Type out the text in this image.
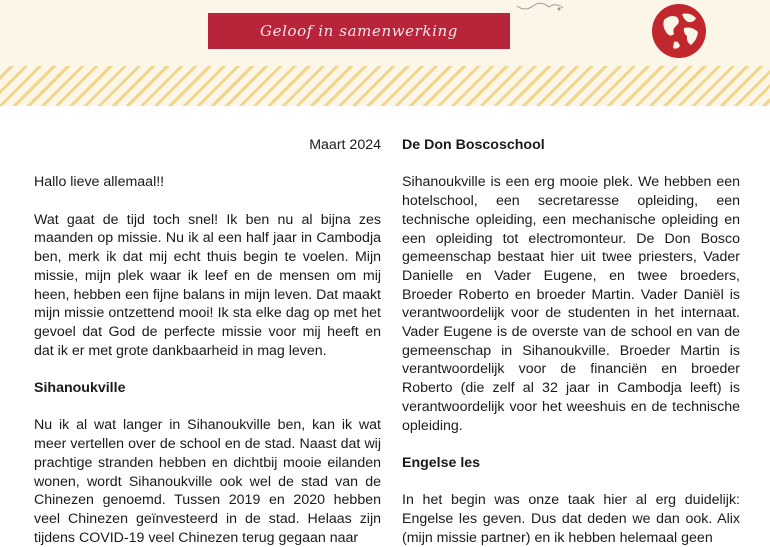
Geloof in samenwerking

Maart 2024

Hallo lieve allemaal!!

Wat gaat de tijd toch snel! Ik ben nu al bijna zes maanden op missie. Nu ik al een half jaar in Cambodja ben, merk ik dat mij echt thuis begin te voelen. Mijn missie, mijn plek waar ik leef en de mensen om mij heen, hebben een fijne balans in mijn leven. Dat maakt mijn missie ontzettend mooi! Ik sta elke dag op met het gevoel dat God de perfecte missie voor mij heeft en dat ik er met grote dankbaarheid in mag leven.

Sihanoukville

Nu ik al wat langer in Sihanoukville ben, kan ik wat meer vertellen over de school en de stad. Naast dat wij prachtige stranden hebben en dichtbij mooie eilanden wonen, wordt Sihanoukville ook wel de stad van de Chinezen genoemd. Tussen 2019 en 2020 hebben veel Chinezen geïnvesteerd in de stad. Helaas zijn tijdens COVID-19 veel Chinezen terug gegaan naar

De Don Boscoschool

Sihanoukville is een erg mooie plek. We hebben een hotelschool, een secretaresse opleiding, een technische opleiding, een mechanische opleiding en een opleiding tot electromonteur. De Don Bosco gemeenschap bestaat hier uit twee priesters, Vader Danielle en Vader Eugene, en twee broeders, Broeder Roberto en broeder Martin. Vader Daniël is verantwoordelijk voor de studenten in het internaat. Vader Eugene is de overste van de school en van de gemeenschap in Sihanoukville. Broeder Martin is verantwoordelijk voor de financiën en broeder Roberto (die zelf al 32 jaar in Cambodja leeft) is verantwoordelijk voor het weeshuis en de technische opleiding.

Engelse les

In het begin was onze taak hier al erg duidelijk: Engelse les geven. Dus dat deden we dan ook. Alix (mijn missie partner) en ik hebben helemaal geen
